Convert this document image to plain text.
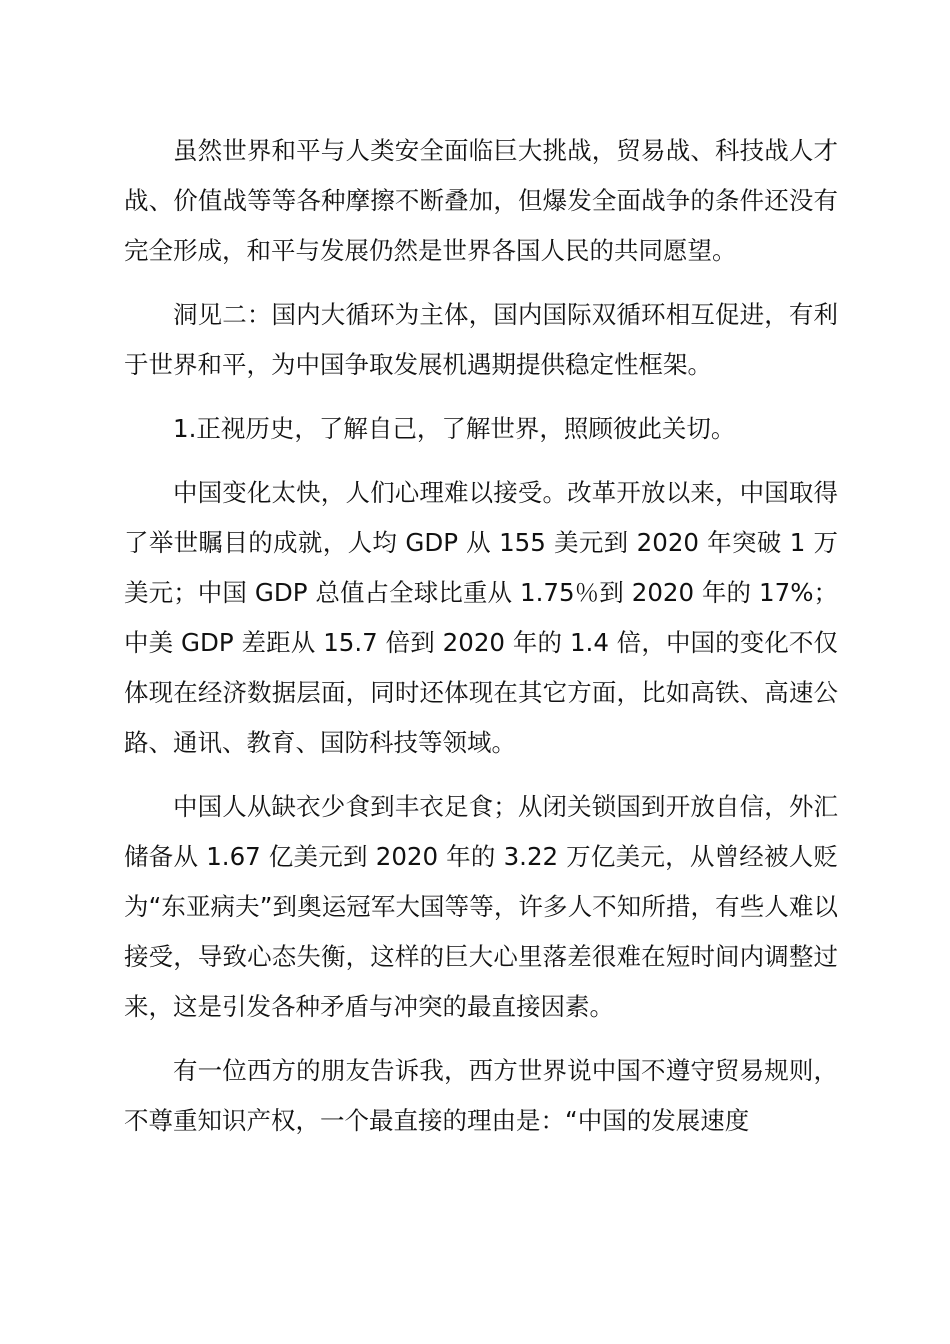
虽然世界和平与人类安全面临巨大挑战，贸易战、科技战人才战、价值战等等各种摩擦不断叠加，但爆发全面战争的条件还没有完全形成，和平与发展仍然是世界各国人民的共同愿望。

洞见二：国内大循环为主体，国内国际双循环相互促进，有利于世界和平，为中国争取发展机遇期提供稳定性框架。

1.正视历史，了解自己，了解世界，照顾彼此关切。

中国变化太快，人们心理难以接受。改革开放以来，中国取得了举世瞩目的成就，人均 GDP 从 155 美元到 2020 年突破 1 万美元；中国 GDP 总值占全球比重从 1.75％到 2020 年的 17%；中美 GDP 差距从 15.7 倍到 2020 年的 1.4 倍，中国的变化不仅体现在经济数据层面，同时还体现在其它方面，比如高铁、高速公路、通讯、教育、国防科技等领域。

中国人从缺衣少食到丰衣足食；从闭关锁国到开放自信，外汇储备从 1.67 亿美元到 2020 年的 3.22 万亿美元，从曾经被人贬为“东亚病夫”到奥运冠军大国等等，许多人不知所措，有些人难以接受，导致心态失衡，这样的巨大心里落差很难在短时间内调整过来，这是引发各种矛盾与冲突的最直接因素。

有一位西方的朋友告诉我，西方世界说中国不遵守贸易规则，不尊重知识产权，一个最直接的理由是：“中国的发展速度
